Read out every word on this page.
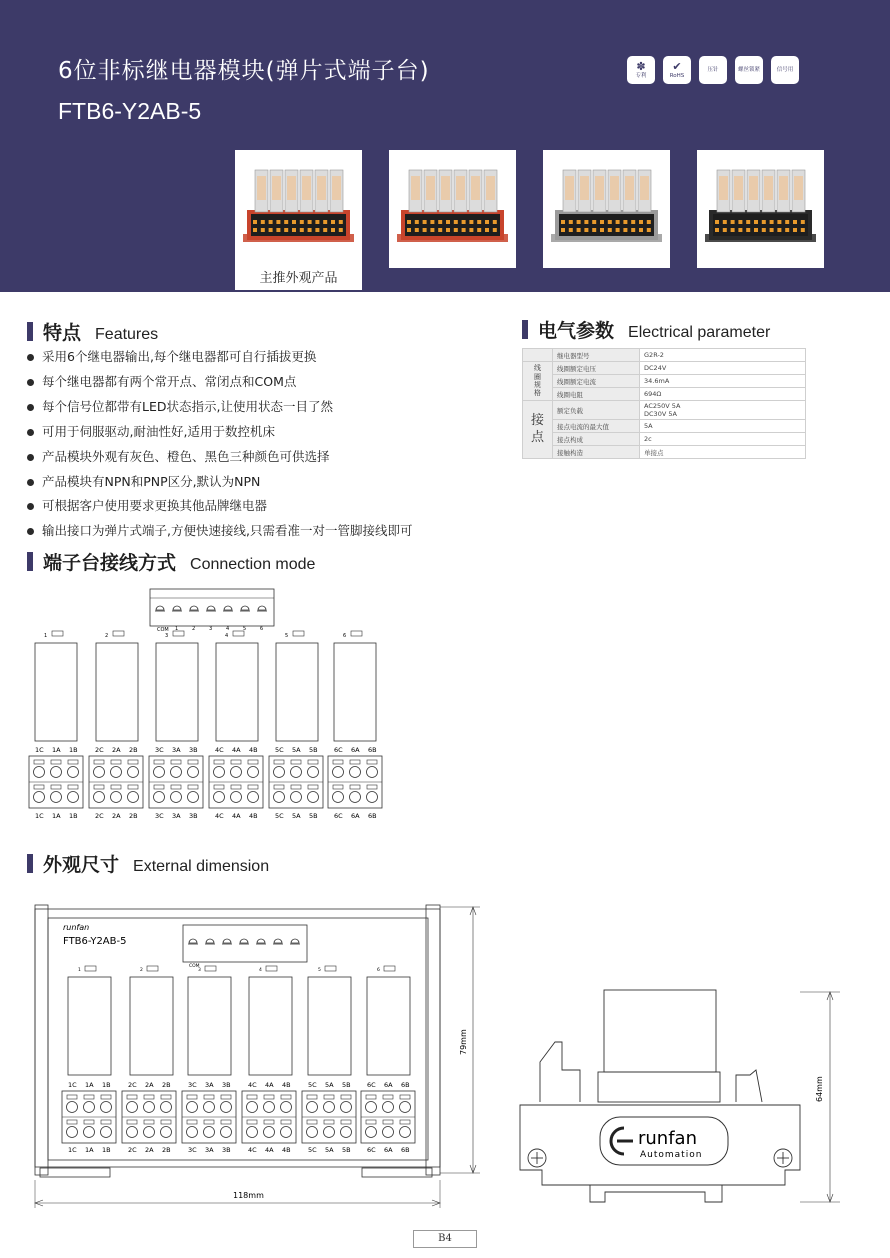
6位非标继电器模块(弹片式端子台)
FTB6-Y2AB-5
✽
专利
✔
RoHS
压针	螺丝锁紧	信号用
主推外观产品
特点 Features
采用6个继电器输出,每个继电器都可自行插拔更换
每个继电器都有两个常开点、常闭点和COM点
每个信号位都带有LED状态指示,让使用状态一目了然
可用于伺服驱动,耐油性好,适用于数控机床
产品模块外观有灰色、橙色、黑色三种颜色可供选择
产品模块有NPN和PNP区分,默认为NPN
可根据客户使用要求更换其他品牌继电器
输出接口为弹片式端子,方便快速接线,只需看准一对一管脚接线即可
电气参数 Electrical parameter
	继电器型号	G2R-2
线圈规格	线圈额定电压	DC24V
	线圈额定电流	34.6mA
	线圈电阻	694Ω
接点	额定负载	AC250V 5A
DC30V 5A
	接点电流的最大值	5A
	接点构成	2c
	接触构造	单接点
端子台接线方式 Connection mode
COM 1	2	3	4	5	6
1	2	3	4	5	6
1C
1C
1A
1A
1B
1B
2C
2C
2A
2A
2B
2B
3C
3C
3A
3A
3B
3B
4C
4C
4A
4A
4B
4B
5C
5C
5A
5A
5B
5B
6C
6C
6A
6A
6B
6B
外观尺寸 External dimension
runfan
FTB6-Y2AB-5
COM
1	2	3	4	5	6
1C
1C
1A
1A
1B
1B
2C
2C
2A
2A
2B
2B
3C
3C
3A
3A
3B
3B
4C
4C
4A
4A
4B
4B
5C
5C
5A
5A
5B
5B
6C
6C
6A
6A
6B
6B
79mm
118mm
runfan
Automation
64mm
B4
